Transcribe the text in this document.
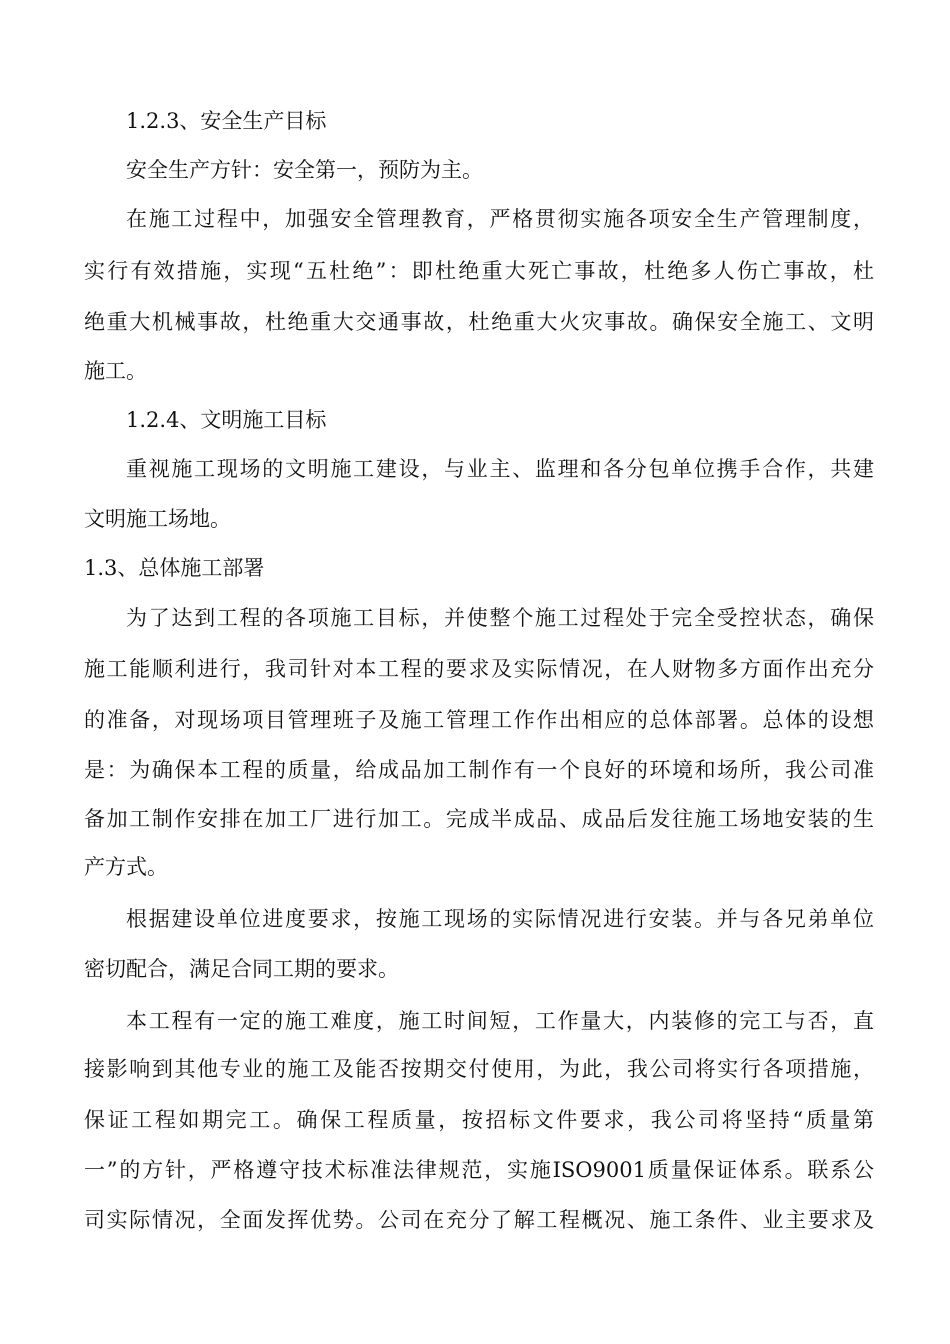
1.2.3、安全生产目标
安全生产方针：安全第一，预防为主。
在施工过程中，加强安全管理教育，严格贯彻实施各项安全生产管理制度，
实行有效措施，实现“五杜绝”：即杜绝重大死亡事故，杜绝多人伤亡事故，杜
绝重大机械事故，杜绝重大交通事故，杜绝重大火灾事故。确保安全施工、文明
施工。
1.2.4、文明施工目标
重视施工现场的文明施工建设，与业主、监理和各分包单位携手合作，共建
文明施工场地。
1.3、总体施工部署
为了达到工程的各项施工目标，并使整个施工过程处于完全受控状态，确保
施工能顺利进行，我司针对本工程的要求及实际情况，在人财物多方面作出充分
的准备，对现场项目管理班子及施工管理工作作出相应的总体部署。总体的设想
是：为确保本工程的质量，给成品加工制作有一个良好的环境和场所，我公司准
备加工制作安排在加工厂进行加工。完成半成品、成品后发往施工场地安装的生
产方式。
根据建设单位进度要求，按施工现场的实际情况进行安装。并与各兄弟单位
密切配合，满足合同工期的要求。
本工程有一定的施工难度，施工时间短，工作量大，内装修的完工与否，直
接影响到其他专业的施工及能否按期交付使用，为此，我公司将实行各项措施，
保证工程如期完工。确保工程质量，按招标文件要求，我公司将坚持“质量第
一”的方针，严格遵守技术标准法律规范，实施ISO9001质量保证体系。联系公
司实际情况，全面发挥优势。公司在充分了解工程概况、施工条件、业主要求及
